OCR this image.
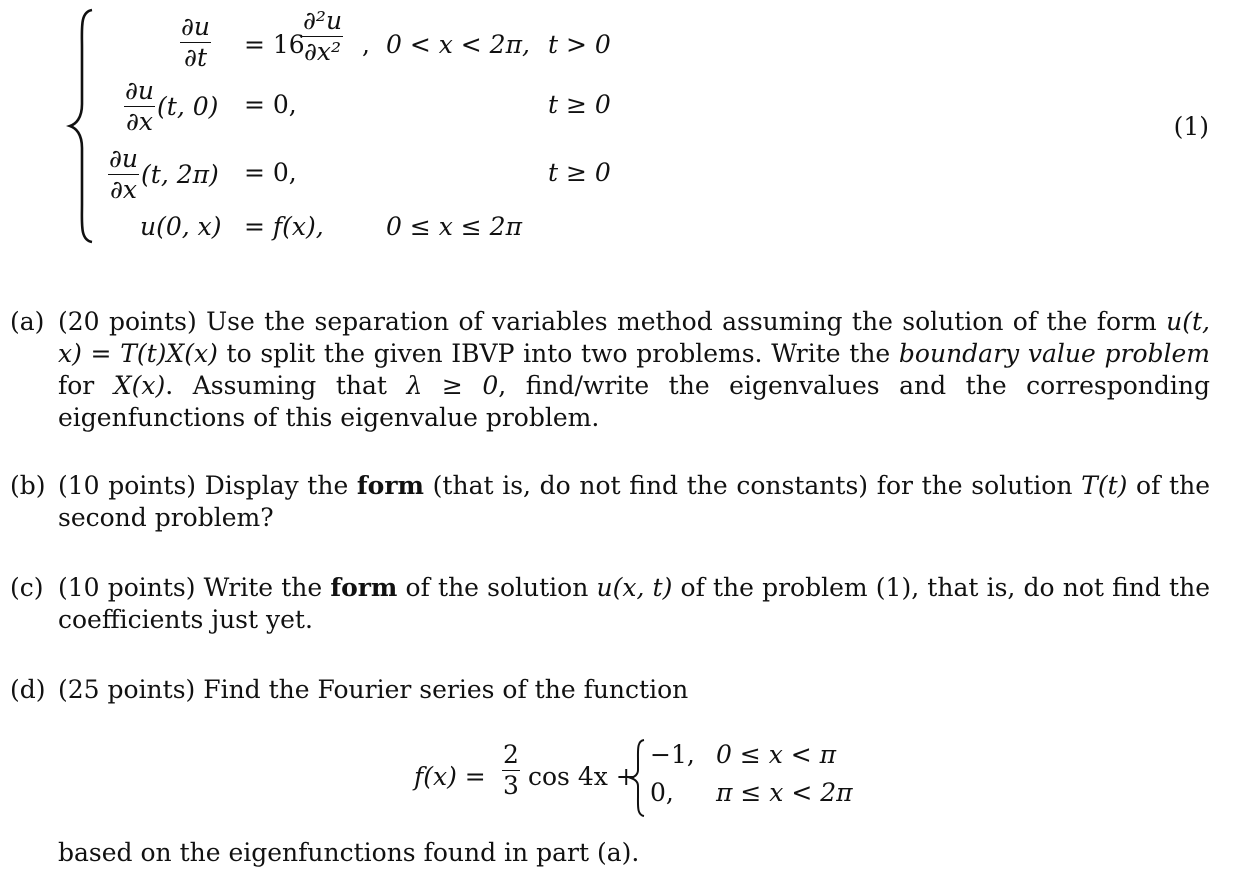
$\frac{\partial u}{\partial t} = 16$
$\frac{\text{∂²u}}{\text{∂x²}}$ , 0 < x < 2π, t > 0
$\frac{\partial u}{\partial x} (t$, 0) = 0,	t ≥ 0
$\frac{\partial u}{\partial x} (t$, 2π) = 0,	t ≥ 0
u(0, x) = f(x), 0 ≤ x ≤ 2π
(1)
(a) (20 points) Use the separation of variables method assuming the solution of the form u(t, x) = T(t)X(x) to split the given IBVP into two problems. Write the boundary value problem for X(x). Assuming that λ ≥ 0, find/write the eigenvalues and the corresponding eigenfunctions of this eigenvalue problem.
(b) (10 points) Display the form (that is, do not find the constants) for the solution T(t) of the second problem?
(c) (10 points) Write the form of the solution u(x, t) of the problem (1), that is, do not find the coefficients just yet.
(d) (25 points) Find the Fourier series of the function
$f(x) = \frac{2}{3}$ cos 4x +
−1, 0 ≤ x < π
0, π ≤ x < 2π
based on the eigenfunctions found in part (a).
